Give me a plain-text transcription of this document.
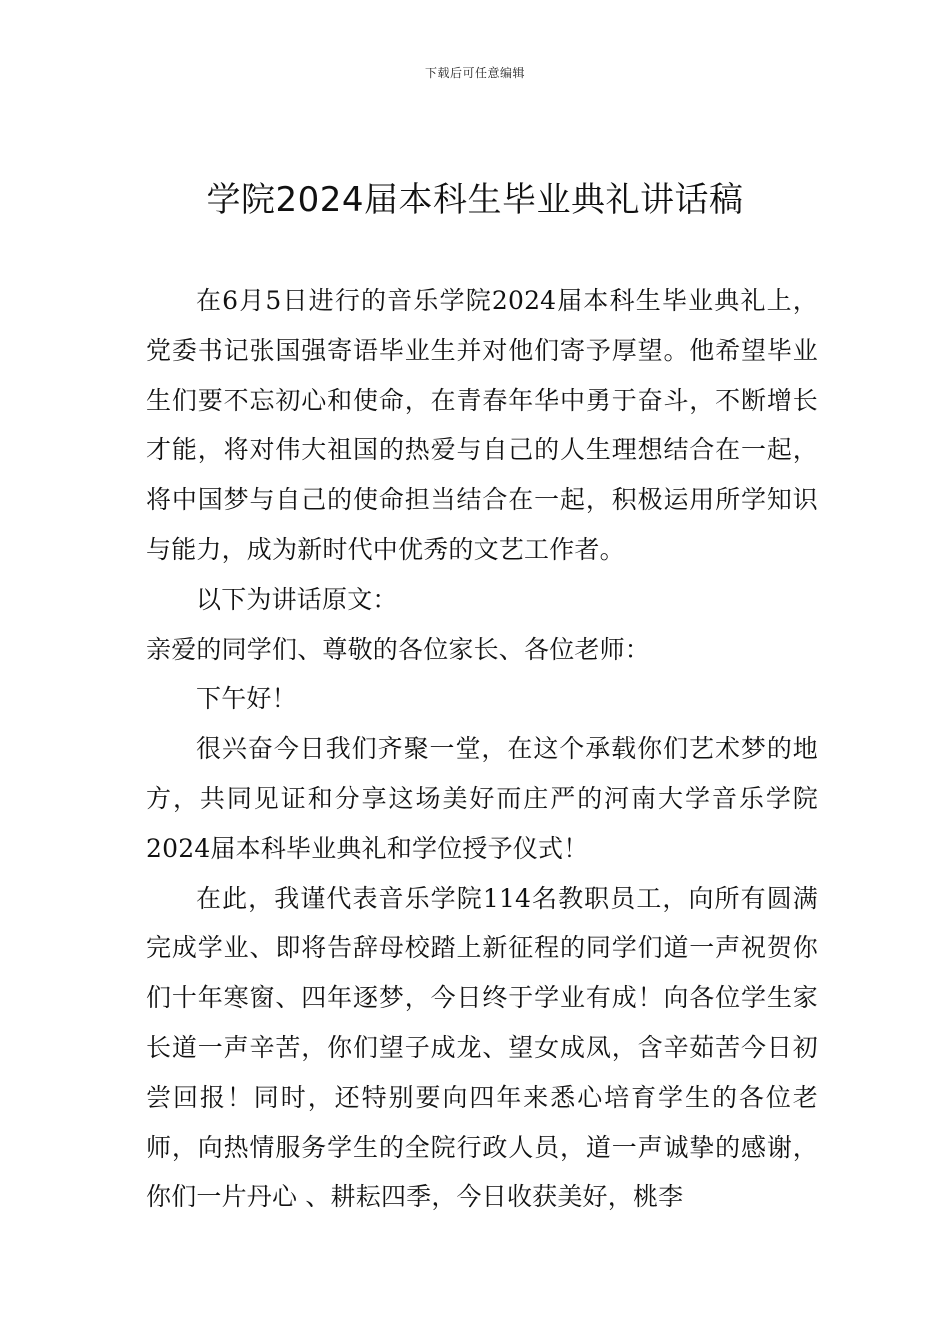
下载后可任意编辑
学院2024届本科生毕业典礼讲话稿

在6月5日进行的音乐学院2024届本科生毕业典礼上，党委书记张国强寄语毕业生并对他们寄予厚望。他希望毕业生们要不忘初心和使命，在青春年华中勇于奋斗，不断增长才能，将对伟大祖国的热爱与自己的人生理想结合在一起，将中国梦与自己的使命担当结合在一起，积极运用所学知识与能力，成为新时代中优秀的文艺工作者。

以下为讲话原文：

亲爱的同学们、尊敬的各位家长、各位老师：

下午好！

很兴奋今日我们齐聚一堂，在这个承载你们艺术梦的地方，共同见证和分享这场美好而庄严的河南大学音乐学院2024届本科毕业典礼和学位授予仪式！

在此，我谨代表音乐学院114名教职员工，向所有圆满完成学业、即将告辞母校踏上新征程的同学们道一声祝贺你们十年寒窗、四年逐梦，今日终于学业有成！向各位学生家长道一声辛苦，你们望子成龙、望女成凤，含辛茹苦今日初尝回报！同时，还特别要向四年来悉心培育学生的各位老师，向热情服务学生的全院行政人员，道一声诚挚的感谢，你们一片丹心 、耕耘四季，今日收获美好，桃李
